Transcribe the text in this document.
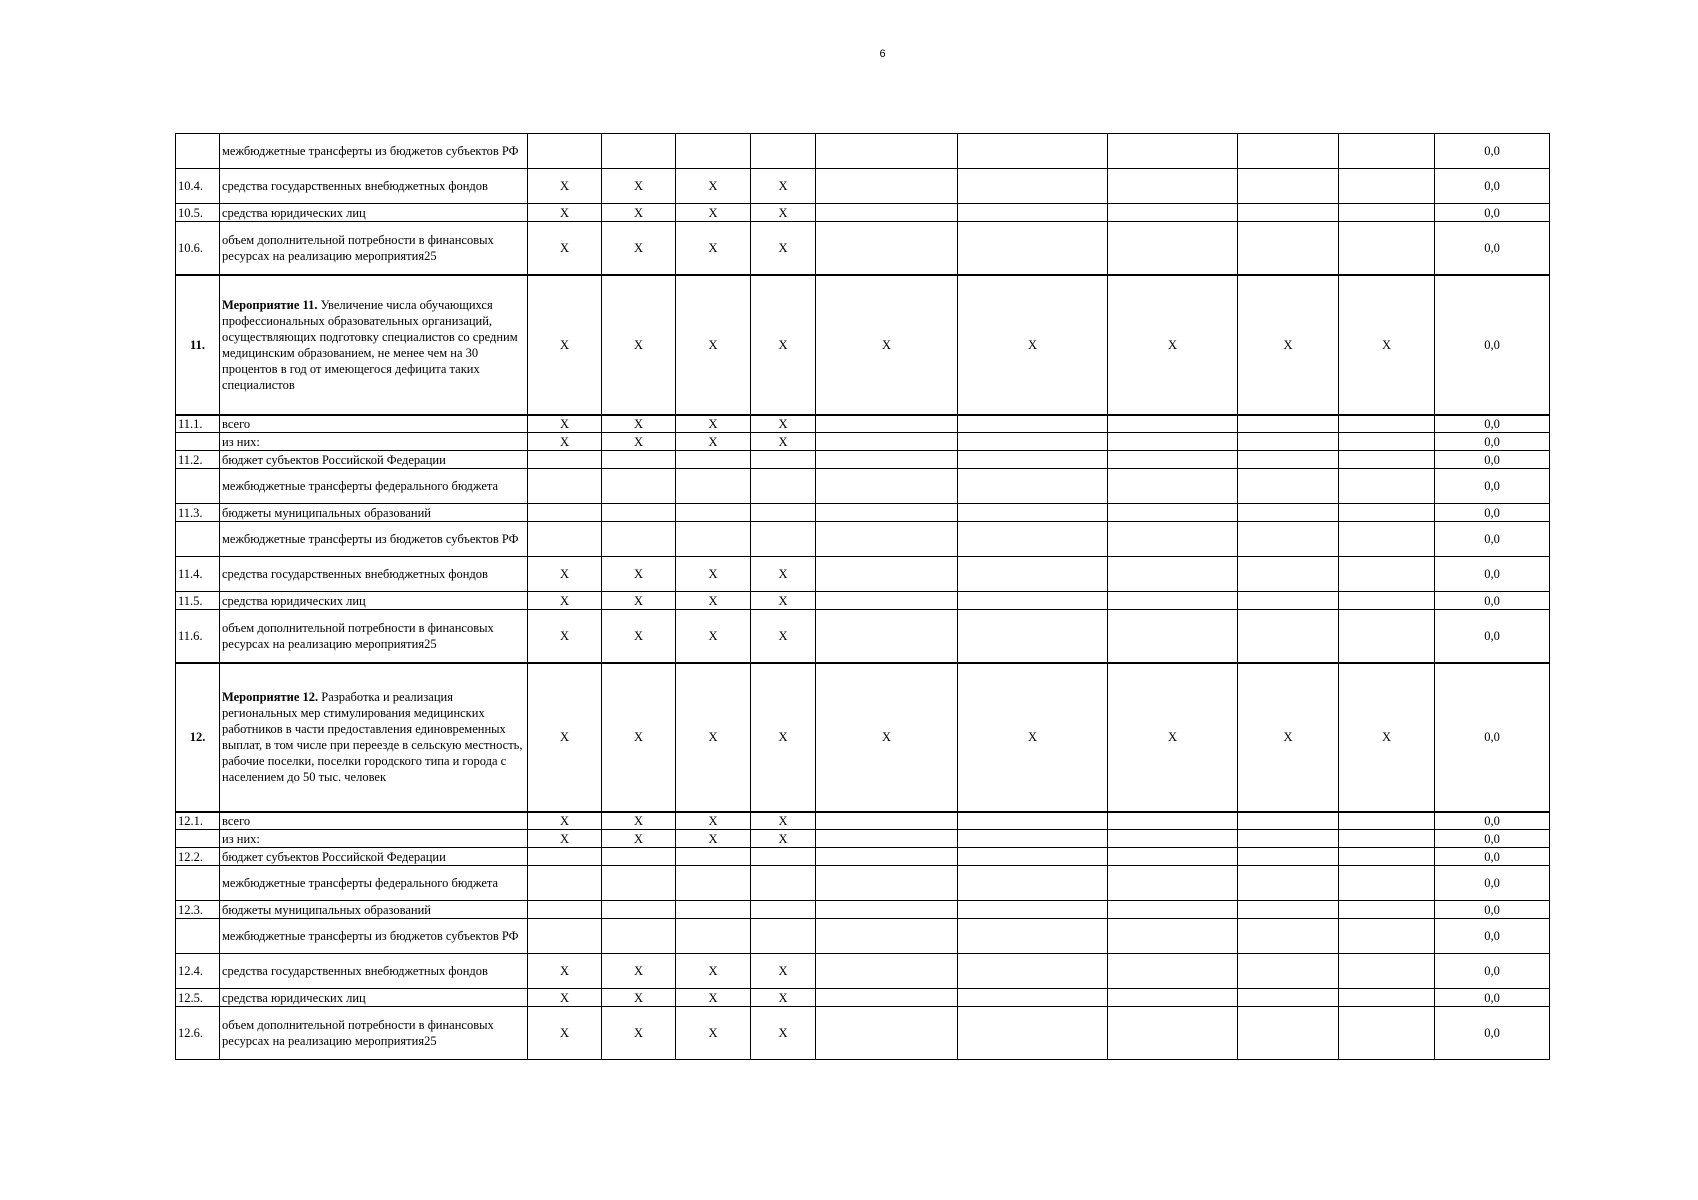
6
	межбюджетные трансферты из бюджетов субъектов РФ										0,0
10.4.	средства государственных внебюджетных фондов	Х	Х	Х	Х						0,0
10.5.	средства юридических лиц	Х	Х	Х	Х						0,0
10.6.	объем дополнительной потребности в финансовых ресурсах на реализацию мероприятия25	Х	Х	Х	Х						0,0
11.	Мероприятие 11. Увеличение числа обучающихся профессиональных образовательных организаций, осуществляющих подготовку специалистов со средним медицинским образованием, не менее чем на 30 процентов в год от имеющегося дефицита таких специалистов	Х	Х	Х	Х	Х	Х	Х	Х	Х	0,0
11.1.	всего	Х	Х	Х	Х						0,0
	из них:	Х	Х	Х	Х						0,0
11.2.	бюджет субъектов Российской Федерации										0,0
	межбюджетные трансферты федерального бюджета										0,0
11.3.	бюджеты муниципальных образований										0,0
	межбюджетные трансферты из бюджетов субъектов РФ										0,0
11.4.	средства государственных внебюджетных фондов	Х	Х	Х	Х						0,0
11.5.	средства юридических лиц	Х	Х	Х	Х						0,0
11.6.	объем дополнительной потребности в финансовых ресурсах на реализацию мероприятия25	Х	Х	Х	Х						0,0
12.	Мероприятие 12. Разработка и реализация региональных мер стимулирования медицинских работников в части предоставления единовременных выплат, в том числе при переезде в сельскую местность, рабочие поселки, поселки городского типа и города с населением до 50 тыс. человек	Х	Х	Х	Х	Х	Х	Х	Х	Х	0,0
12.1.	всего	Х	Х	Х	Х						0,0
	из них:	Х	Х	Х	Х						0,0
12.2.	бюджет субъектов Российской Федерации										0,0
	межбюджетные трансферты федерального бюджета										0,0
12.3.	бюджеты муниципальных образований										0,0
	межбюджетные трансферты из бюджетов субъектов РФ										0,0
12.4.	средства государственных внебюджетных фондов	Х	Х	Х	Х						0,0
12.5.	средства юридических лиц	Х	Х	Х	Х						0,0
12.6.	объем дополнительной потребности в финансовых ресурсах на реализацию мероприятия25	Х	Х	Х	Х						0,0
